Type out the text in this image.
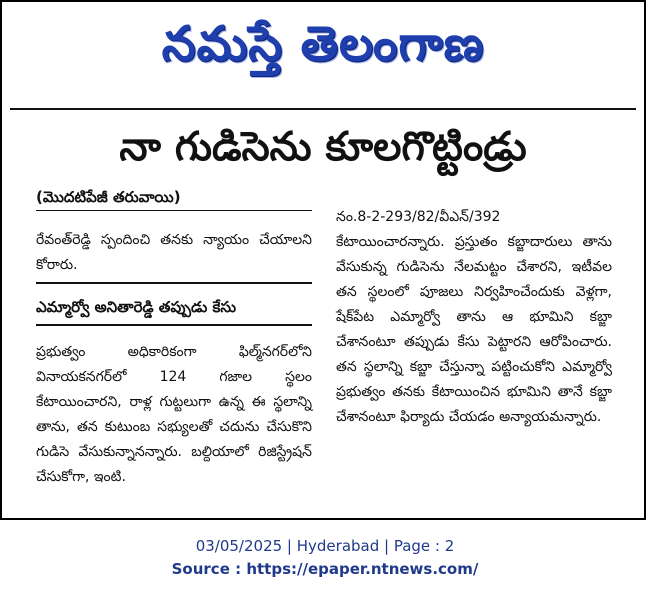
నమస్తే తెలంగాణ
నా గుడిసెను కూలగొట్టిండ్రు
(మొదటిపేజీ తరువాయి)

రేవంత్‌రెడ్డి స్పందించి తనకు న్యాయం చేయాలని కోరారు.

ఎమ్మార్వో అనితారెడ్డి తప్పుడు కేసు

ప్రభుత్వం అధికారికంగా ఫిల్మ్‌నగర్‌లోని వినాయకనగర్‌లో 124 గజాల స్థలం కేటాయించారని, రాళ్ల గుట్టలుగా ఉన్న ఈ స్థలాన్ని తాను, తన కుటుంబ సభ్యులతో చదును చేసుకొని గుడిసె వేసుకున్నానన్నారు. బల్దియాలో రిజిస్ట్రేషన్ చేసుకోగా, ఇంటి.

నం.8-2-293/82/వీఎన్/392 కేటాయించారన్నారు. ప్రస్తుతం కబ్జాదారులు తాను వేసుకున్న గుడిసెను నేలమట్టం చేశారని, ఇటీవల తన స్థలంలో పూజలు నిర్వహించేందుకు వెళ్లగా, షేక్‌పేట ఎమ్మార్వో తాను ఆ భూమిని కబ్జా చేశానంటూ తప్పుడు కేసు పెట్టారని ఆరోపించారు. తన స్థలాన్ని కబ్జా చేస్తున్నా పట్టించుకోని ఎమ్మార్వో ప్రభుత్వం తనకు కేటాయించిన భూమిని తానే కబ్జా చేశానంటూ ఫిర్యాదు చేయడం అన్యాయమన్నారు.

03/05/2025 | Hyderabad | Page : 2
Source : https://epaper.ntnews.com/
